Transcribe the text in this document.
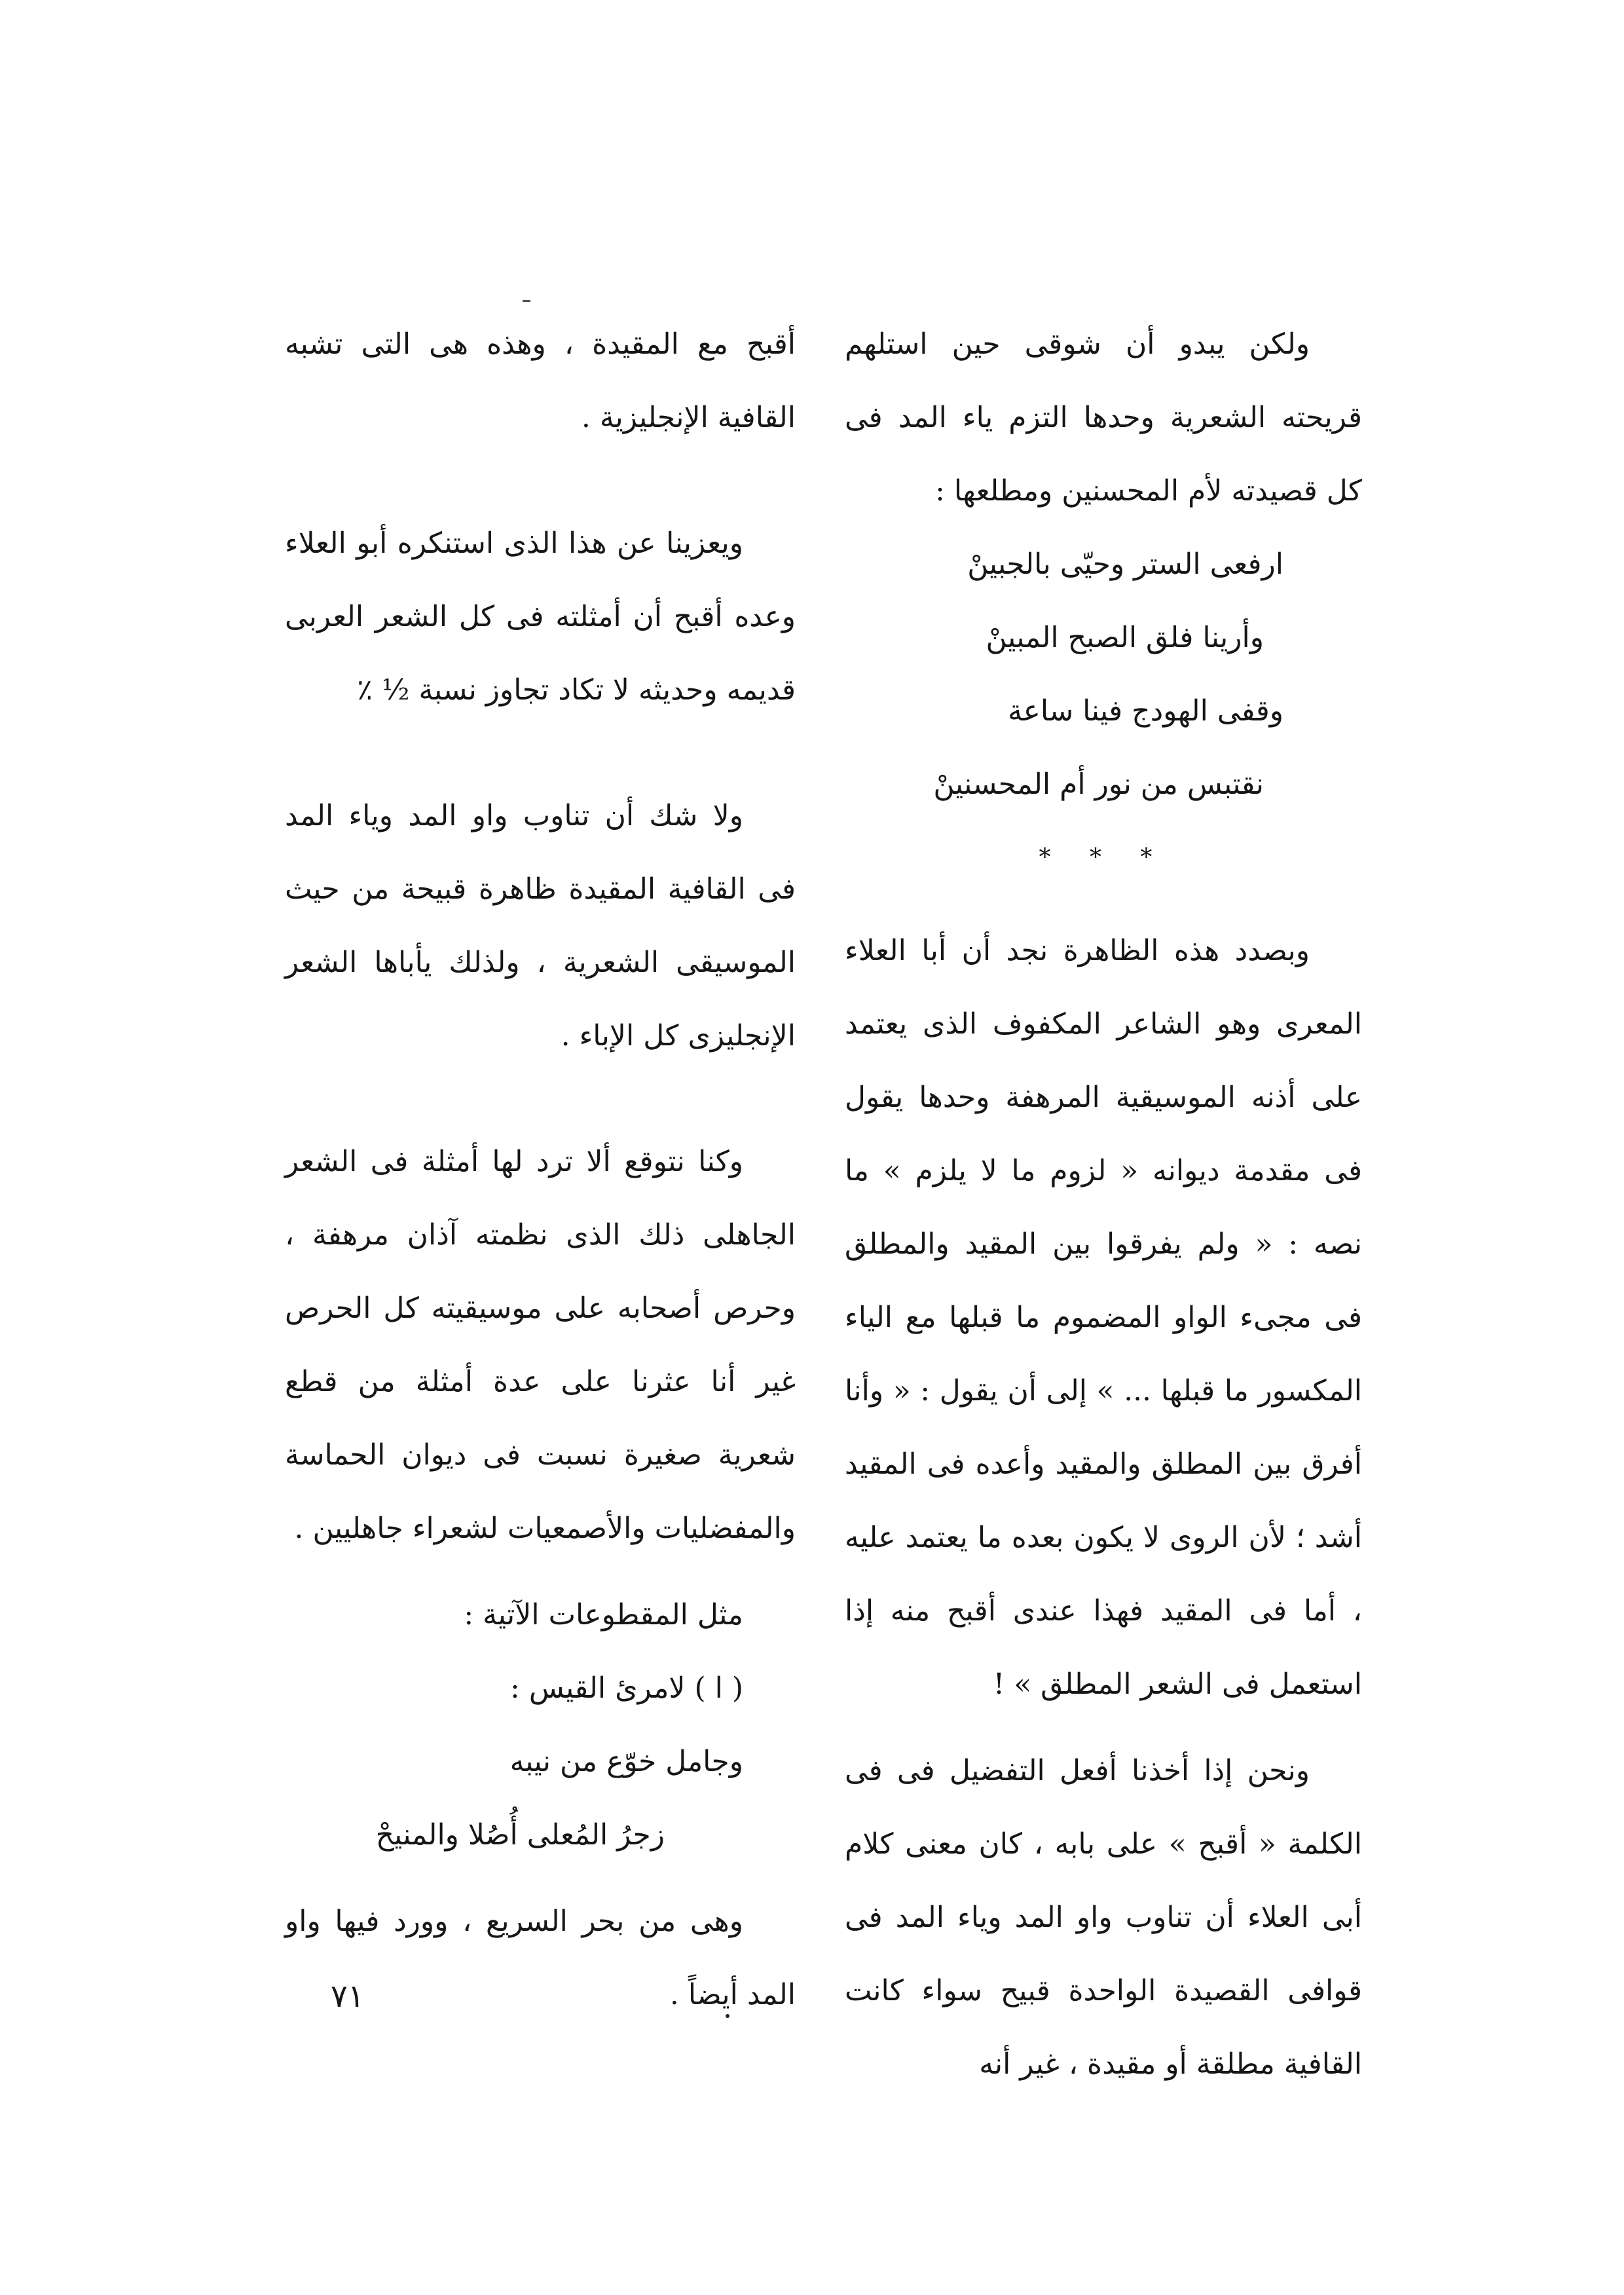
ولكن يبدو أن شوقى حين استلهم قريحته الشعرية وحدها التزم ياء المد فى كل قصيدته لأم المحسنين ومطلعها :

ارفعى الستر وحيّى بالجبينْ

وأرينا فلق الصبح المبينْ

وقفى الهودج فينا ساعة

نقتبس من نور أم المحسنينْ

* * *

وبصدد هذه الظاهرة نجد أن أبا العلاء المعرى وهو الشاعر المكفوف الذى يعتمد على أذنه الموسيقية المرهفة وحدها يقول فى مقدمة ديوانه « لزوم ما لا يلزم » ما نصه : « ولم يفرقوا بين المقيد والمطلق فى مجىء الواو المضموم ما قبلها مع الياء المكسور ما قبلها ... » إلى أن يقول : « وأنا أفرق بين المطلق والمقيد وأعده فى المقيد أشد ؛ لأن الروى لا يكون بعده ما يعتمد عليه ، أما فى المقيد فهذا عندى أقبح منه إذا استعمل فى الشعر المطلق » !

ونحن إذا أخذنا أفعل التفضيل فى فى الكلمة « أقبح » على بابه ، كان معنى كلام أبى العلاء أن تناوب واو المد وياء المد فى قوافى القصيدة الواحدة قبيح سواء كانت القافية مطلقة أو مقيدة ، غير أنه

أقبح مع المقيدة ، وهذه هى التى تشبه القافية الإنجليزية .

ويعزينا عن هذا الذى استنكره أبو العلاء وعده أقبح أن أمثلته فى كل الشعر العربى قديمه وحديثه لا تكاد تجاوز نسبة ½ ٪

ولا شك أن تناوب واو المد وياء المد فى القافية المقيدة ظاهرة قبيحة من حيث الموسيقى الشعرية ، ولذلك يأباها الشعر الإنجليزى كل الإباء .

وكنا نتوقع ألا ترد لها أمثلة فى الشعر الجاهلى ذلك الذى نظمته آذان مرهفة ، وحرص أصحابه على موسيقيته كل الحرص غير أنا عثرنا على عدة أمثلة من قطع شعرية صغيرة نسبت فى ديوان الحماسة والمفضليات والأصمعيات لشعراء جاهليين .

مثل المقطوعات الآتية :

( ا ) لامرئ القيس :

وجامل خوّع من نيبه

زجرُ المُعلى أُصُلا والمنيحْ

وهى من بحر السريع ، وورد فيها واو المد أيضاً .

٧١
